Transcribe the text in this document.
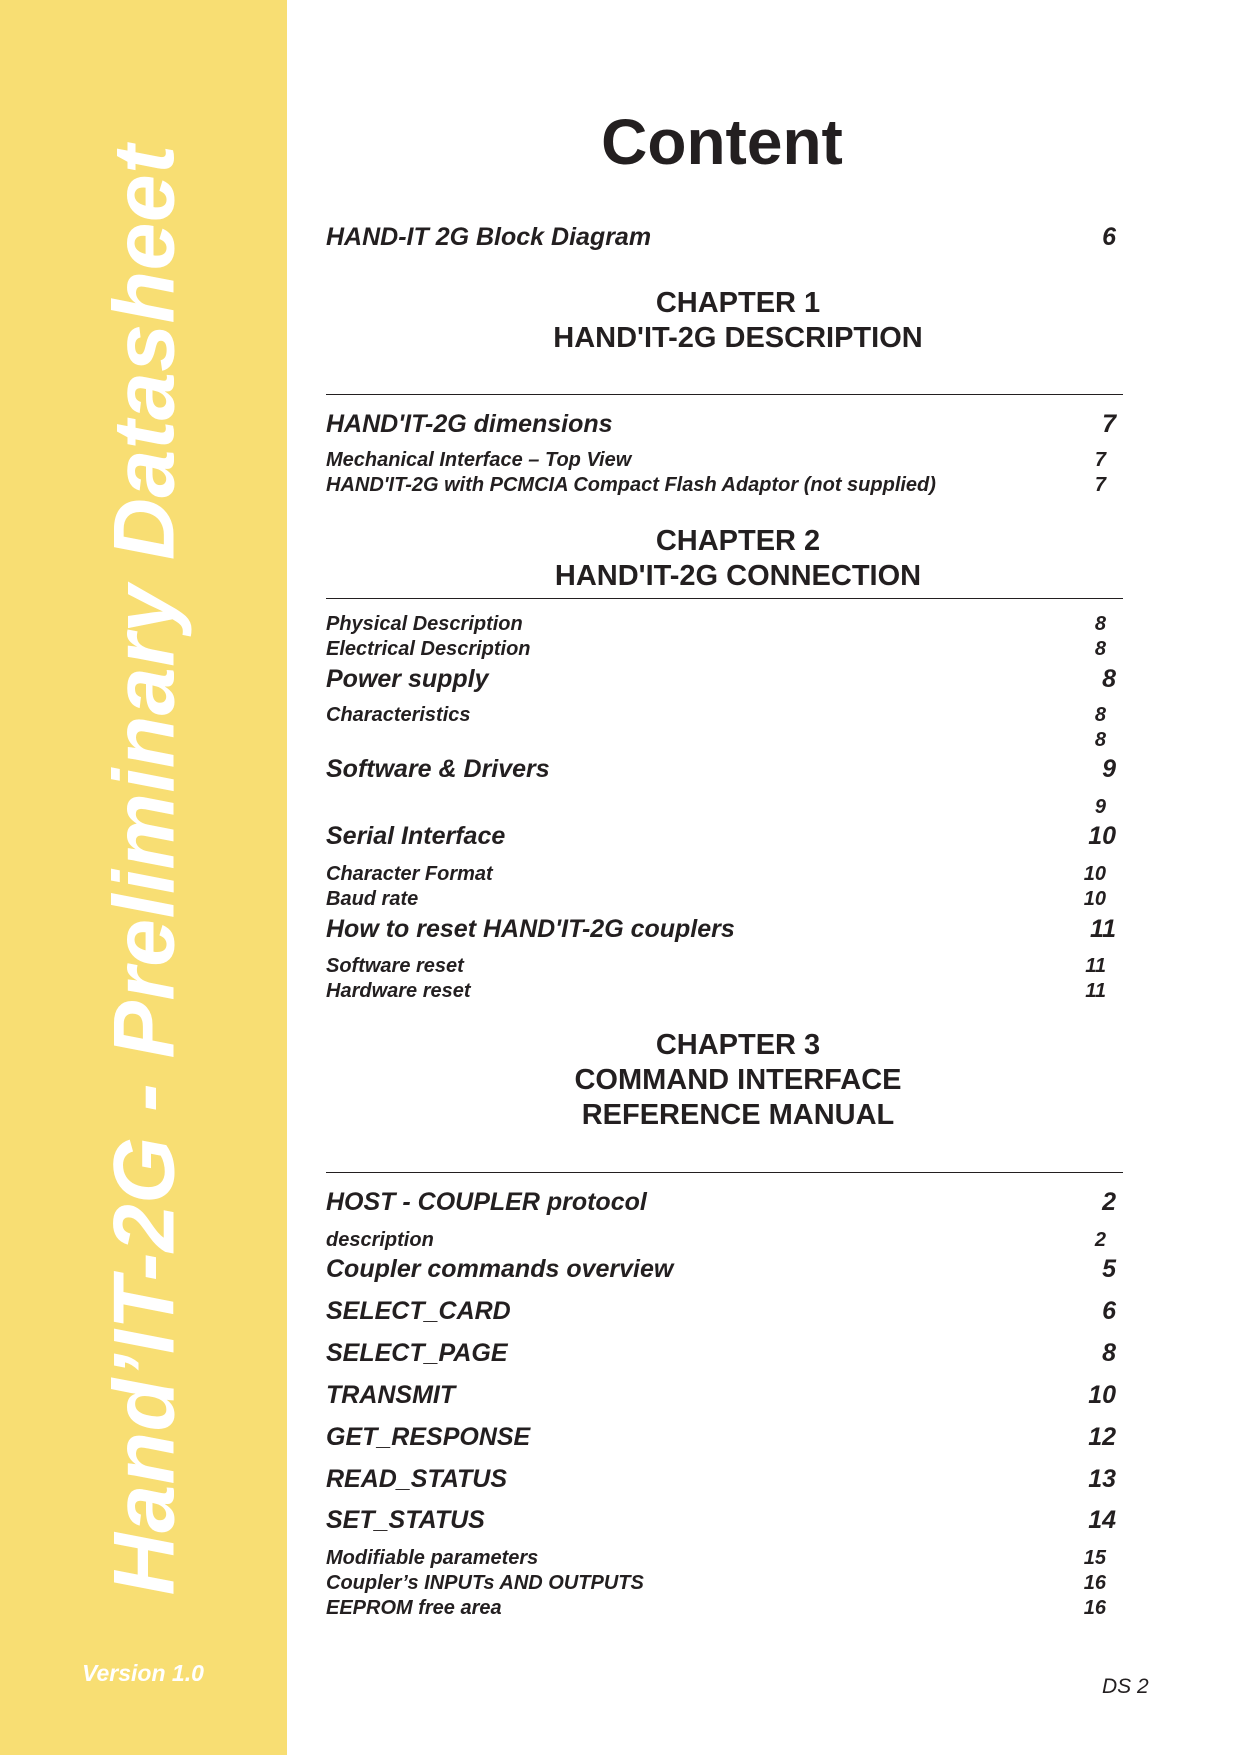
Hand’IT-2G - Preliminary Datasheet
Version 1.0
Content
HAND-IT 2G Block Diagram	6
CHAPTER 1
HAND'IT-2G DESCRIPTION
HAND'IT-2G dimensions	7
Mechanical Interface – Top View	7
HAND'IT-2G with PCMCIA Compact Flash Adaptor (not supplied)	7
CHAPTER 2
HAND'IT-2G CONNECTION
Physical Description	8
Electrical Description	8
Power supply	8
Characteristics	8
8
Software & Drivers	9
9
Serial Interface	10
Character Format	10
Baud rate	10
How to reset HAND'IT-2G couplers	11
Software reset	11
Hardware reset	11
CHAPTER 3
COMMAND INTERFACE
REFERENCE MANUAL
HOST - COUPLER protocol	2
description	2
Coupler commands overview	5
SELECT_CARD	6
SELECT_PAGE	8
TRANSMIT	10
GET_RESPONSE	12
READ_STATUS	13
SET_STATUS	14
Modifiable parameters	15
Coupler’s INPUTs AND OUTPUTS	16
EEPROM free area	16
DS 2
